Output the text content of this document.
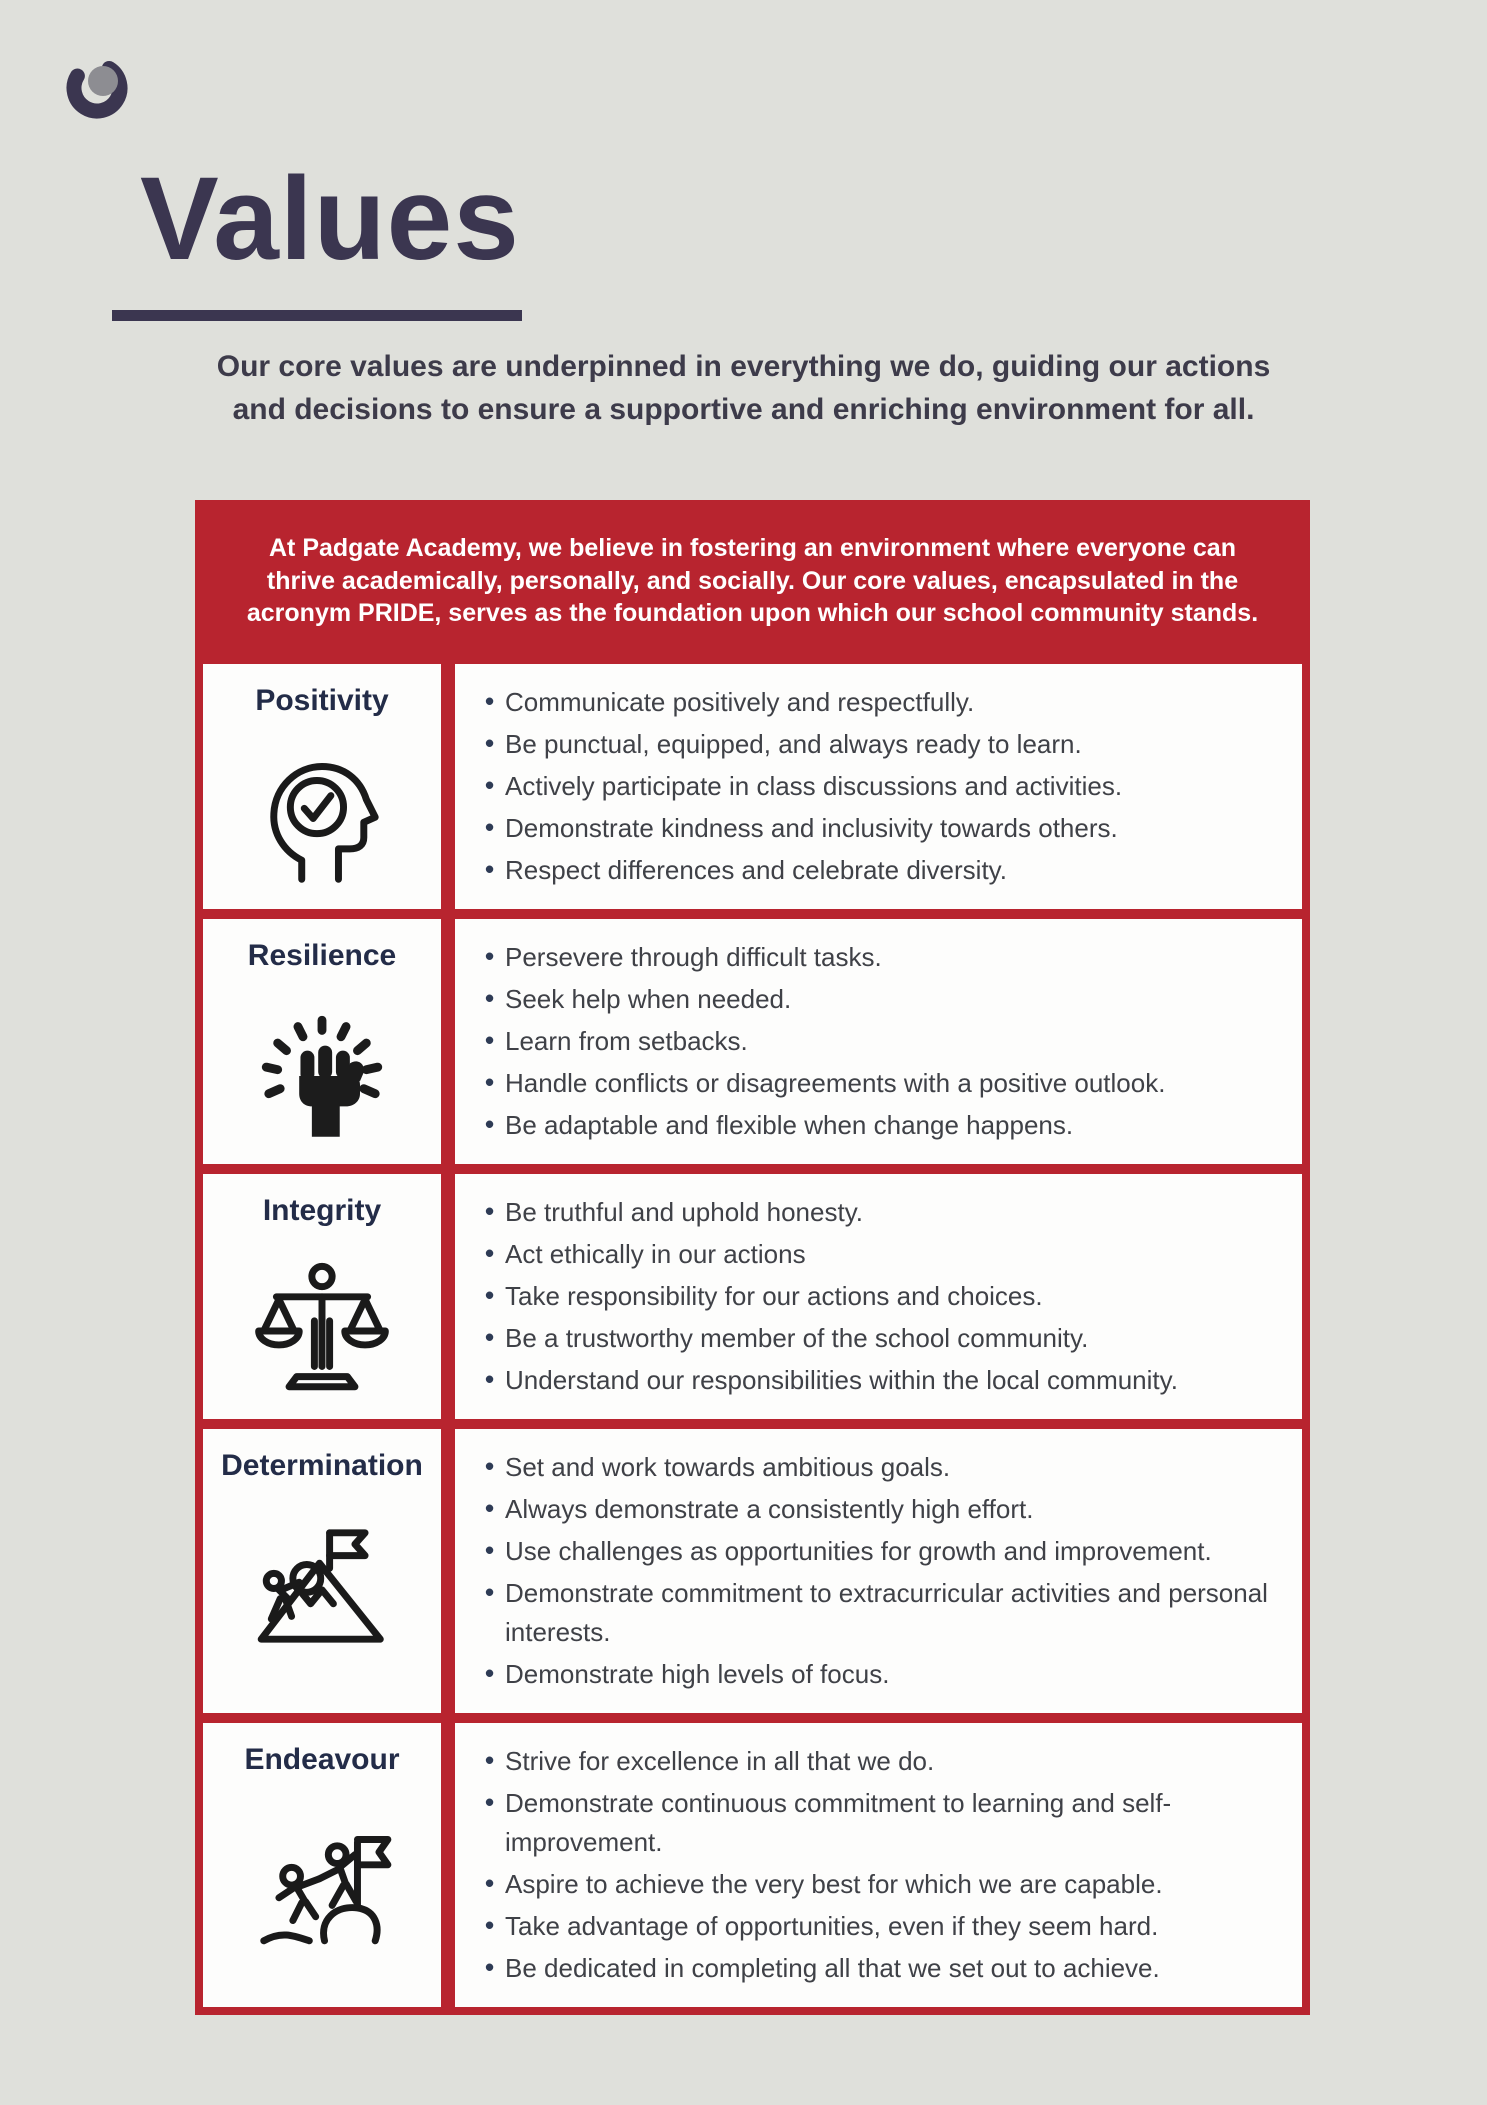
Values
Our core values are underpinned in everything we do, guiding our actions and decisions to ensure a supportive and enriching environment for all.
At Padgate Academy, we believe in fostering an environment where everyone can thrive academically, personally, and socially. Our core values, encapsulated in the acronym PRIDE, serves as the foundation upon which our school community stands.
Positivity	• Communicate positively and respectfully.
• Be punctual, equipped, and always ready to learn.
• Actively participate in class discussions and activities.
• Demonstrate kindness and inclusivity towards others.
• Respect differences and celebrate diversity.
Resilience	• Persevere through difficult tasks.
• Seek help when needed.
• Learn from setbacks.
• Handle conflicts or disagreements with a positive outlook.
• Be adaptable and flexible when change happens.
Integrity	• Be truthful and uphold honesty.
• Act ethically in our actions
• Take responsibility for our actions and choices.
• Be a trustworthy member of the school community.
• Understand our responsibilities within the local community.
Determination	• Set and work towards ambitious goals.
• Always demonstrate a consistently high effort.
• Use challenges as opportunities for growth and improvement.
• Demonstrate commitment to extracurricular activities and personal interests.
• Demonstrate high levels of focus.
Endeavour	• Strive for excellence in all that we do.
• Demonstrate continuous commitment to learning and self-improvement.
• Aspire to achieve the very best for which we are capable.
• Take advantage of opportunities, even if they seem hard.
• Be dedicated in completing all that we set out to achieve.
